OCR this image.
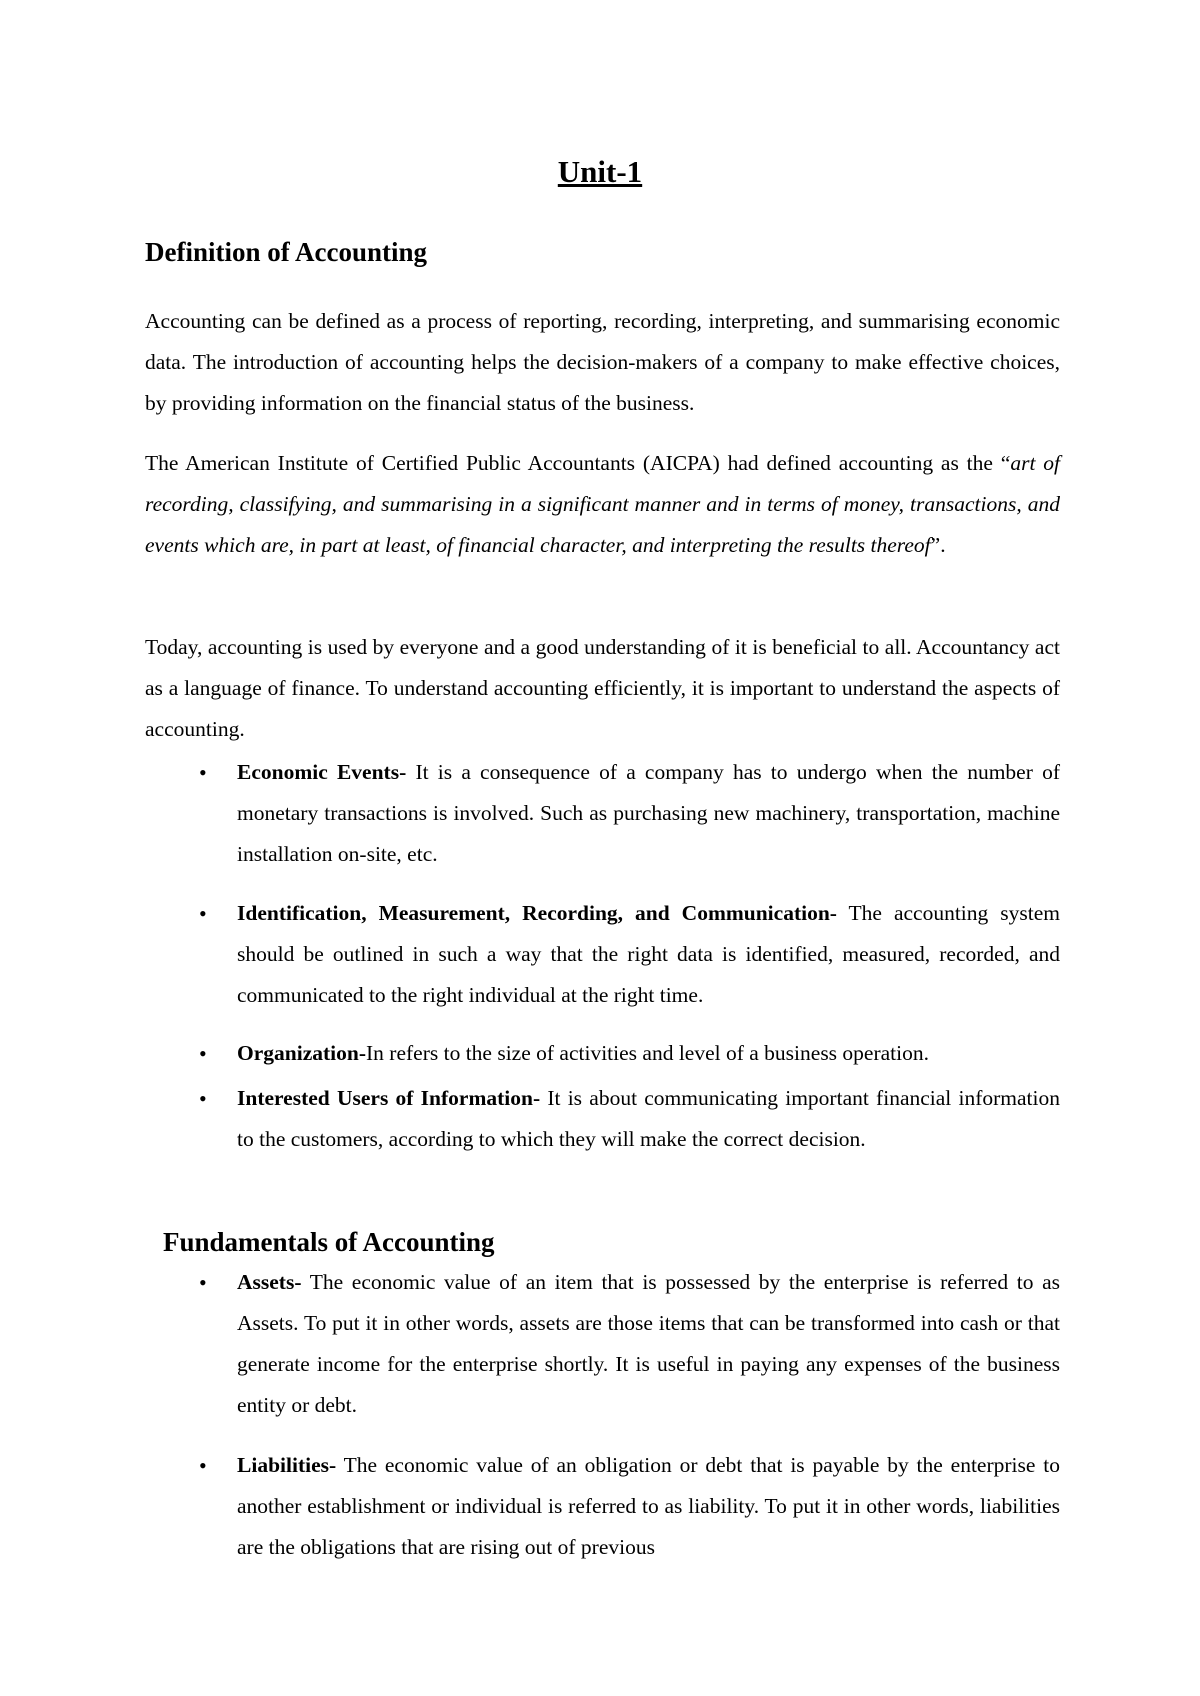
Unit-1
Definition of Accounting
Accounting can be defined as a process of reporting, recording, interpreting, and summarising economic data. The introduction of accounting helps the decision-makers of a company to make effective choices, by providing information on the financial status of the business.
The American Institute of Certified Public Accountants (AICPA) had defined accounting as the “art of recording, classifying, and summarising in a significant manner and in terms of money, transactions, and events which are, in part at least, of financial character, and interpreting the results thereof”.
Today, accounting is used by everyone and a good understanding of it is beneficial to all. Accountancy act as a language of finance. To understand accounting efficiently, it is important to understand the aspects of accounting.
• Economic Events- It is a consequence of a company has to undergo when the number of monetary transactions is involved. Such as purchasing new machinery, transportation, machine installation on-site, etc.
• Identification, Measurement, Recording, and Communication- The accounting system should be outlined in such a way that the right data is identified, measured, recorded, and communicated to the right individual at the right time.
• Organization-In refers to the size of activities and level of a business operation.
• Interested Users of Information- It is about communicating important financial information to the customers, according to which they will make the correct decision.
Fundamentals of Accounting
• Assets- The economic value of an item that is possessed by the enterprise is referred to as Assets. To put it in other words, assets are those items that can be transformed into cash or that generate income for the enterprise shortly. It is useful in paying any expenses of the business entity or debt.
• Liabilities- The economic value of an obligation or debt that is payable by the enterprise to another establishment or individual is referred to as liability. To put it in other words, liabilities are the obligations that are rising out of previous
